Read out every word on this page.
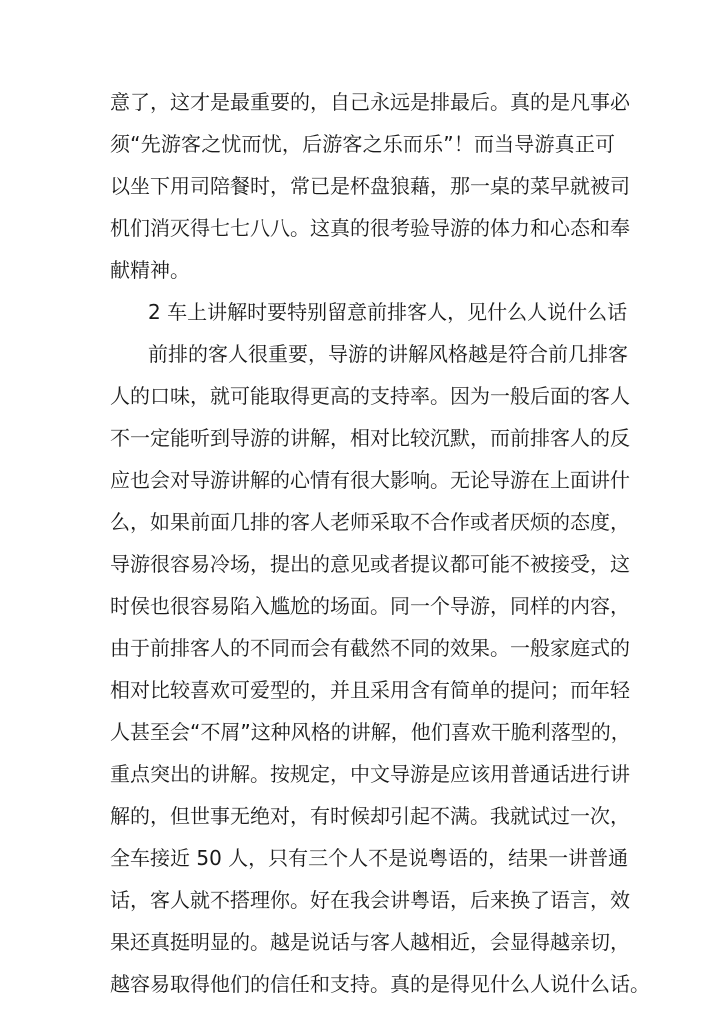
意了，这才是最重要的，自己永远是排最后。真的是凡事必
须“先游客之忧而忧，后游客之乐而乐”！而当导游真正可
以坐下用司陪餐时，常已是杯盘狼藉，那一桌的菜早就被司
机们消灭得七七八八。这真的很考验导游的体力和心态和奉
献精神。
2 车上讲解时要特别留意前排客人，见什么人说什么话
前排的客人很重要，导游的讲解风格越是符合前几排客
人的口味，就可能取得更高的支持率。因为一般后面的客人
不一定能听到导游的讲解，相对比较沉默，而前排客人的反
应也会对导游讲解的心情有很大影响。无论导游在上面讲什
么，如果前面几排的客人老师采取不合作或者厌烦的态度，
导游很容易冷场，提出的意见或者提议都可能不被接受，这
时侯也很容易陷入尴尬的场面。同一个导游，同样的内容，
由于前排客人的不同而会有截然不同的效果。一般家庭式的
相对比较喜欢可爱型的，并且采用含有简单的提问；而年轻
人甚至会“不屑”这种风格的讲解，他们喜欢干脆利落型的，
重点突出的讲解。按规定，中文导游是应该用普通话进行讲
解的，但世事无绝对，有时候却引起不满。我就试过一次，
全车接近 50 人，只有三个人不是说粤语的，结果一讲普通
话，客人就不搭理你。好在我会讲粤语，后来换了语言，效
果还真挺明显的。越是说话与客人越相近，会显得越亲切，
越容易取得他们的信任和支持。真的是得见什么人说什么话。
